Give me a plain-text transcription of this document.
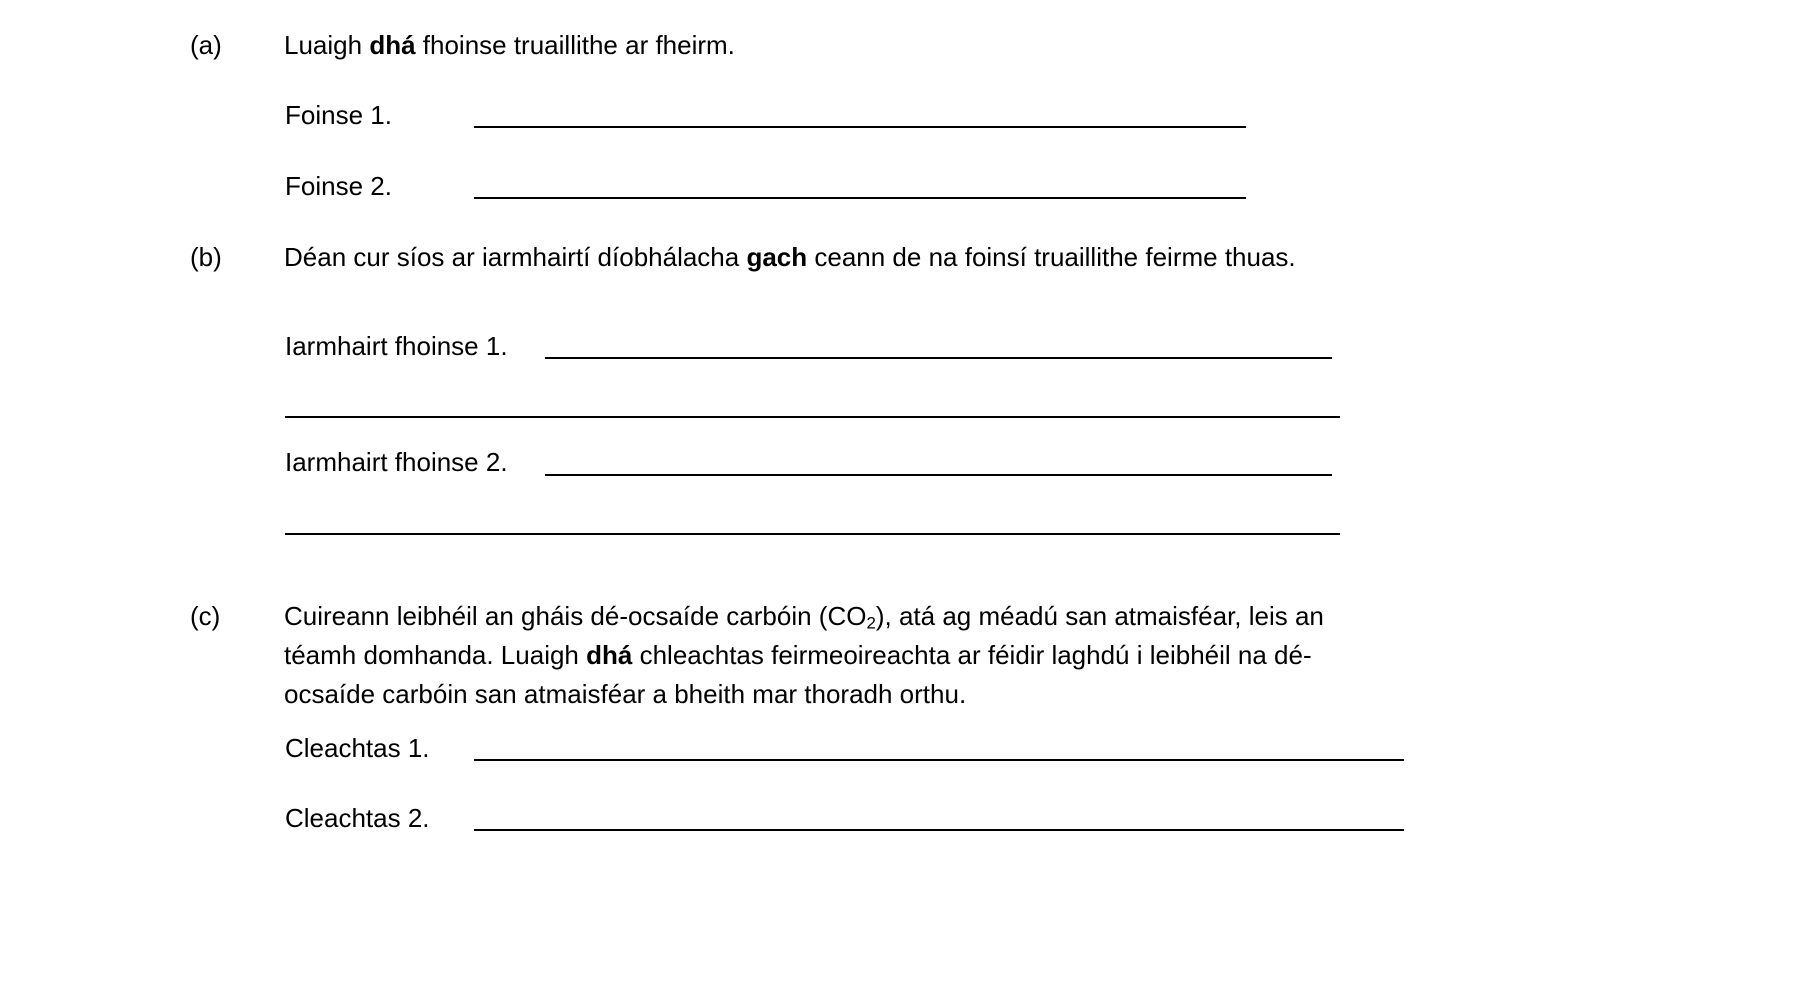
(a) Luaigh dhá fhoinse truaillithe ar fheirm.
Foinse 1.
Foinse 2.
(b) Déan cur síos ar iarmhairtí díobhálacha gach ceann de na foinsí truaillithe feirme thuas.
Iarmhairt fhoinse 1.
Iarmhairt fhoinse 2.
(c) Cuireann leibhéil an gháis dé-ocsaíde carbóin $(CO_2)$, atá ag méadú san atmaisféar, leis an
téamh domhanda. Luaigh dhá chleachtas feirmeoireachta ar féidir laghdú i leibhéil na dé-
ocsaíde carbóin san atmaisféar a bheith mar thoradh orthu.
Cleachtas 1.
Cleachtas 2.
